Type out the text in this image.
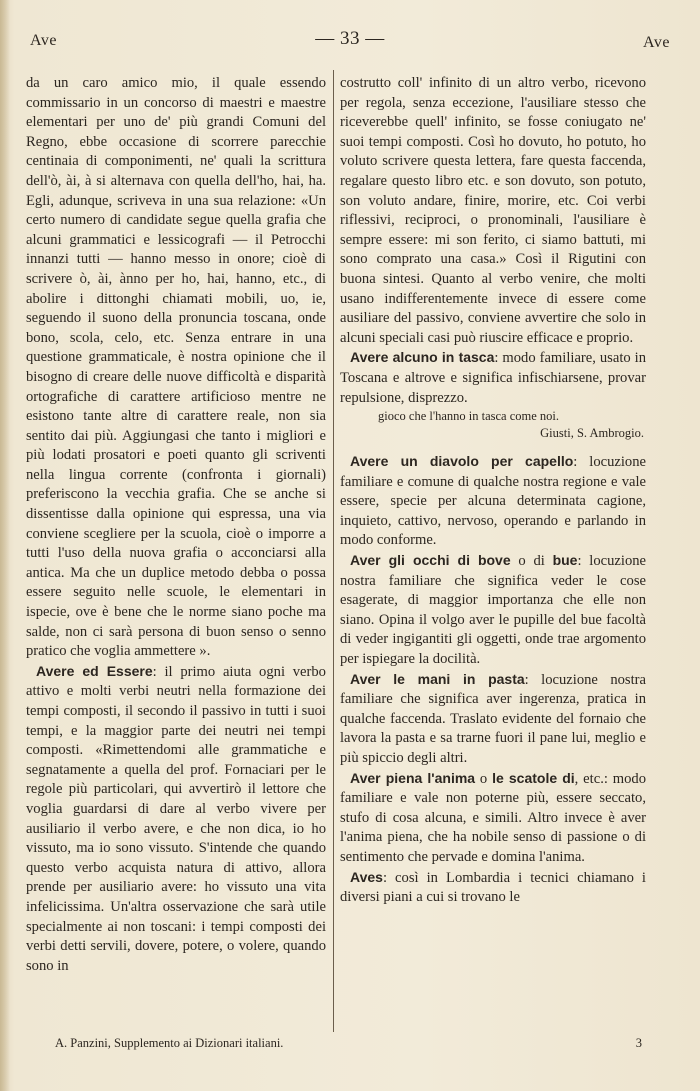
Ave	— 33 —	Ave

da un caro amico mio, il quale essendo commissario in un concorso di maestri e maestre elementari per uno de' più grandi Comuni del Regno, ebbe occasione di scorrere parecchie centinaia di componimenti, ne' quali la scrittura dell'ò, ài, à si alternava con quella dell'ho, hai, ha. Egli, adunque, scriveva in una sua relazione: «Un certo numero di candidate segue quella grafia che alcuni grammatici e lessicografi — il Petrocchi innanzi tutti — hanno messo in onore; cioè di scrivere ò, ài, ànno per ho, hai, hanno, etc., di abolire i dittonghi chiamati mobili, uo, ie, seguendo il suono della pronuncia toscana, onde bono, scola, celo, etc. Senza entrare in una questione grammaticale, è nostra opinione che il bisogno di creare delle nuove difficoltà e disparità ortografiche di carattere artificioso mentre ne esistono tante altre di carattere reale, non sia sentito dai più. Aggiungasi che tanto i migliori e più lodati prosatori e poeti quanto gli scriventi nella lingua corrente (confronta i giornali) preferiscono la vecchia grafia. Che se anche si dissentisse dalla opinione qui espressa, una via conviene scegliere per la scuola, cioè o imporre a tutti l'uso della nuova grafia o acconciarsi alla antica. Ma che un duplice metodo debba o possa essere seguito nelle scuole, le elementari in ispecie, ove è bene che le norme siano poche ma salde, non ci sarà persona di buon senso o senno pratico che voglia ammettere ».

Avere ed Essere: il primo aiuta ogni verbo attivo e molti verbi neutri nella formazione dei tempi composti, il secondo il passivo in tutti i suoi tempi, e la maggior parte dei neutri nei tempi composti. «Rimettendomi alle grammatiche e segnatamente a quella del prof. Fornaciari per le regole più particolari, qui avvertirò il lettore che voglia guardarsi di dare al verbo vivere per ausiliario il verbo avere, e che non dica, io ho vissuto, ma io sono vissuto. S'intende che quando questo verbo acquista natura di attivo, allora prende per ausiliario avere: ho vissuto una vita infelicissima. Un'altra osservazione che sarà utile specialmente ai non toscani: i tempi composti dei verbi detti servili, dovere, potere, o volere, quando sono in

costrutto coll' infinito di un altro verbo, ricevono per regola, senza eccezione, l'ausiliare stesso che riceverebbe quell' infinito, se fosse coniugato ne' suoi tempi composti. Così ho dovuto, ho potuto, ho voluto scrivere questa lettera, fare questa faccenda, regalare questo libro etc. e son dovuto, son potuto, son voluto andare, finire, morire, etc. Coi verbi riflessivi, reciproci, o pronominali, l'ausiliare è sempre essere: mi son ferito, ci siamo battuti, mi sono comprato una casa.» Così il Rigutini con buona sintesi. Quanto al verbo venire, che molti usano indifferentemente invece di essere come ausiliare del passivo, conviene avvertire che solo in alcuni speciali casi può riuscire efficace e proprio.

Avere alcuno in tasca: modo familiare, usato in Toscana e altrove e significa infischiarsene, provar repulsione, disprezzo.

gioco che l'hanno in tasca come noi.
Giusti, S. Ambrogio.

Avere un diavolo per capello: locuzione familiare e comune di qualche nostra regione e vale essere, specie per alcuna determinata cagione, inquieto, cattivo, nervoso, operando e parlando in modo conforme.

Aver gli occhi di bove o di bue: locuzione nostra familiare che significa veder le cose esagerate, di maggior importanza che elle non siano. Opina il volgo aver le pupille del bue facoltà di veder ingigantiti gli oggetti, onde trae argomento per ispiegare la docilità.

Aver le mani in pasta: locuzione nostra familiare che significa aver ingerenza, pratica in qualche faccenda. Traslato evidente del fornaio che lavora la pasta e sa trarne fuori il pane lui, meglio e più spiccio degli altri.

Aver piena l'anima o le scatole di, etc.: modo familiare e vale non poterne più, essere seccato, stufo di cosa alcuna, e simili. Altro invece è aver l'anima piena, che ha nobile senso di passione o di sentimento che pervade e domina l'anima.

Aves: così in Lombardia i tecnici chiamano i diversi piani a cui si trovano le

A. Panzini, Supplemento ai Dizionari italiani.	3
